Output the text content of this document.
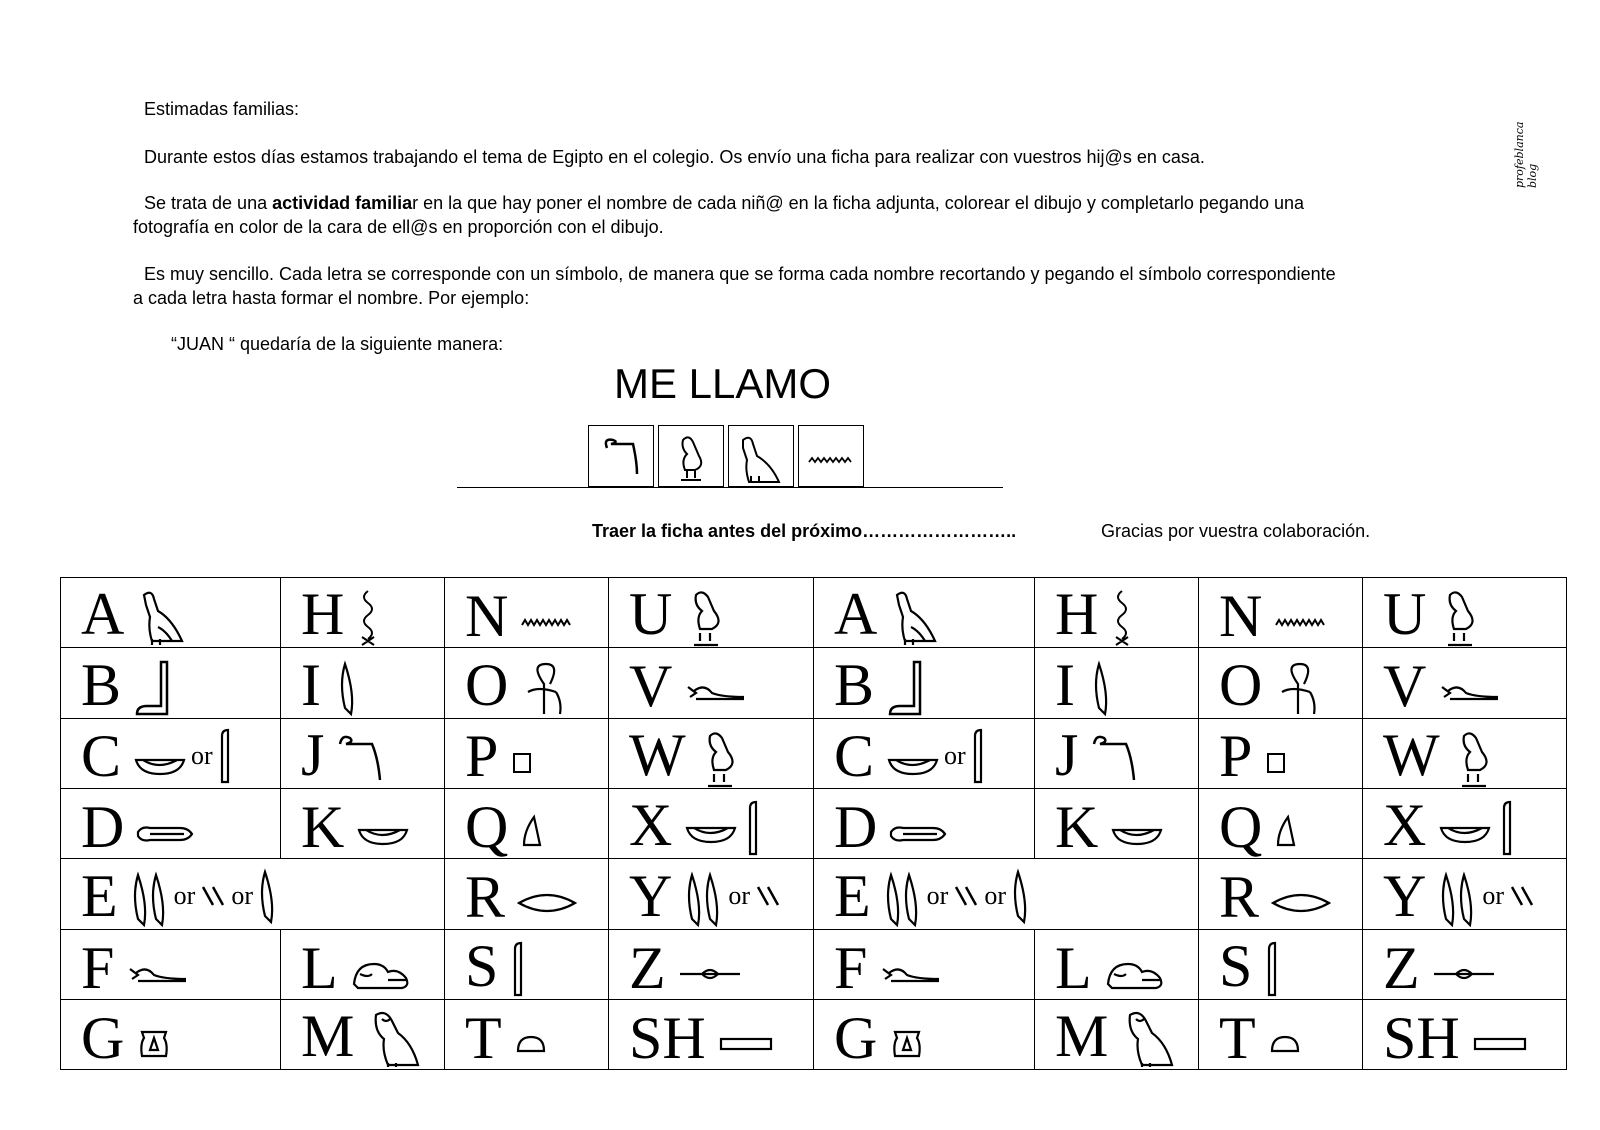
Estimadas familias:
Durante estos días estamos trabajando el tema de Egipto en el colegio. Os envío una ficha para realizar con vuestros hij@s en casa.
Se trata de una actividad familiar en la que hay poner el nombre de cada niñ@ en la ficha adjunta, colorear el dibujo y completarlo pegando una
fotografía en color de la cara de ell@s en proporción con el dibujo.
Es muy sencillo. Cada letra se corresponde con un símbolo, de manera que se forma cada nombre recortando y pegando el símbolo correspondiente
a cada letra hasta formar el nombre. Por ejemplo:
“JUAN “ quedaría de la siguiente manera:
profeblanca blog
ME LLAMO
Traer la ficha antes del próximo……………………..	Gracias por vuestra colaboración.
A	H	N	U	A	H	N	U
B	I	O	V	B	I	O	V
C or	J	P	W	C or	J	P	W
D	K	Q	X	D	K	Q	X
E or or		R	Y or	E or or		R	Y or
F	L	S	Z	F	L	S	Z
G	M	T	SH	G	M	T	SH
